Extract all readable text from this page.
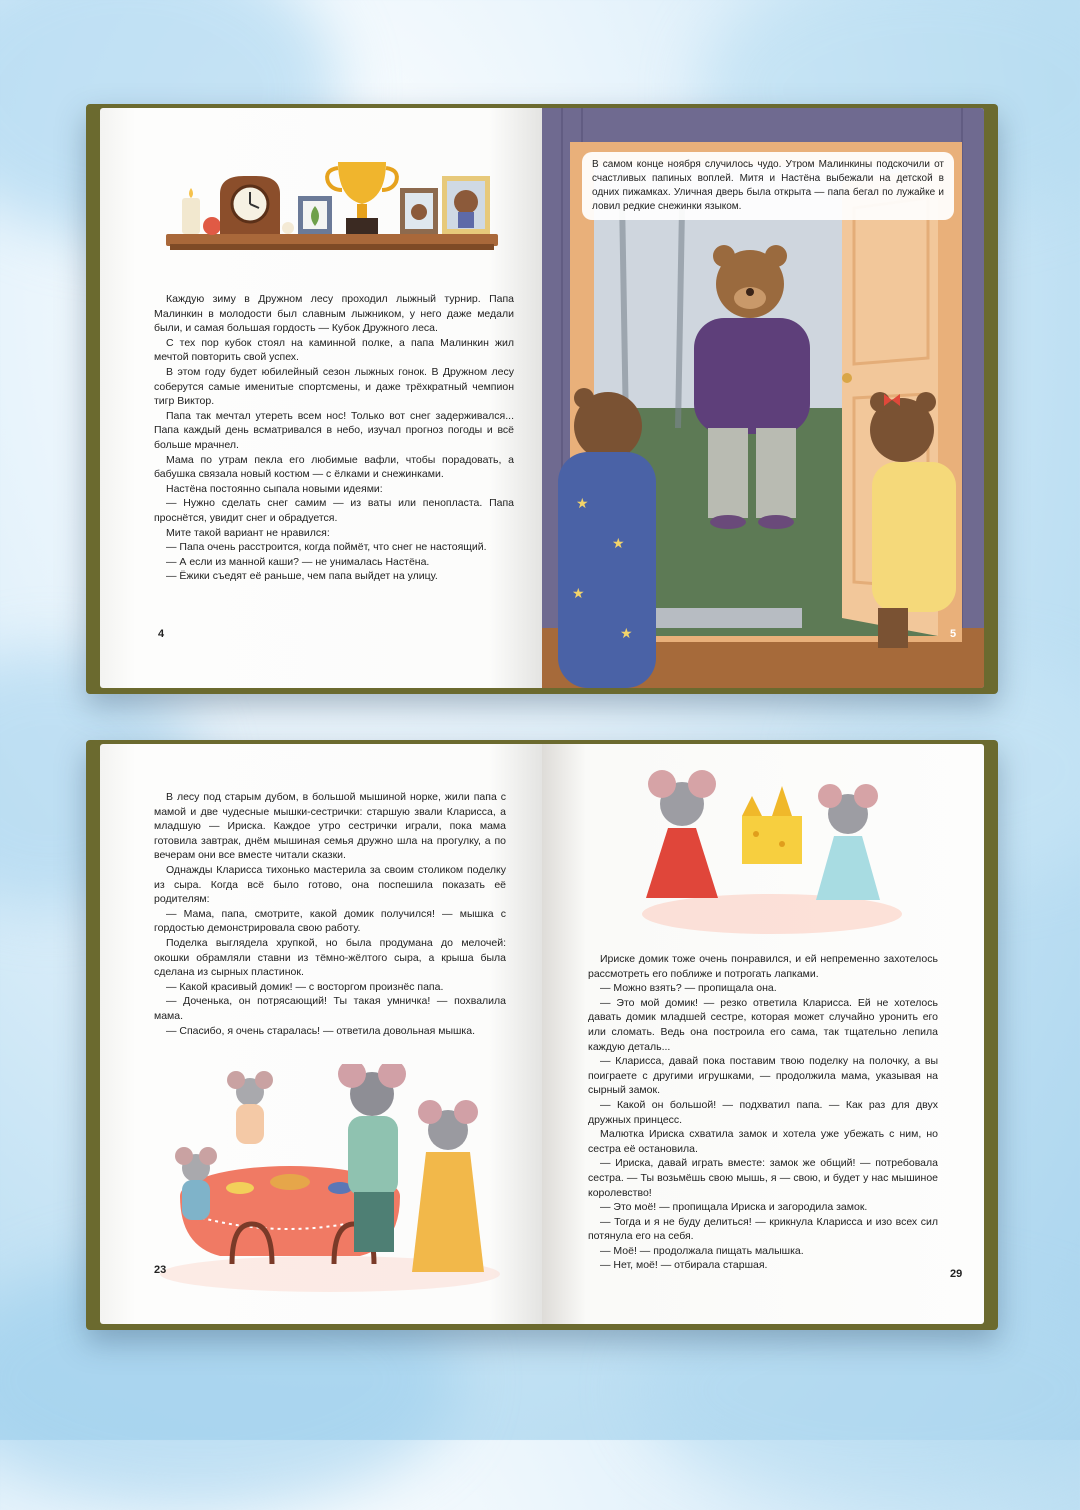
Каждую зиму в Дружном лесу проходил лыжный турнир. Папа Малинкин в молодости был славным лыжником, у него даже медали были, и самая большая гордость — Кубок Дружного леса.

С тех пор кубок стоял на каминной полке, а папа Малинкин жил мечтой повторить свой успех.

В этом году будет юбилейный сезон лыжных гонок. В Дружном лесу соберутся самые именитые спортсмены, и даже трёхкратный чемпион тигр Виктор.

Папа так мечтал утереть всем нос! Только вот снег задерживался... Папа каждый день всматривался в небо, изучал прогноз погоды и всё больше мрачнел.

Мама по утрам пекла его любимые вафли, чтобы порадовать, а бабушка связала новый костюм — с ёлками и снежинками.

Настёна постоянно сыпала новыми идеями:

— Нужно сделать снег самим — из ваты или пенопласта. Папа проснётся, увидит снег и обрадуется.

Мите такой вариант не нравился:

— Папа очень расстроится, когда поймёт, что снег не настоящий.

— А если из манной каши? — не унималась Настёна.

— Ёжики съедят её раньше, чем папа выйдет на улицу.

4
★
★
★
★
В самом конце ноября случилось чудо. Утром Малинкины подскочили от счастливых папиных воплей. Митя и Настёна выбежали на детской в одних пижамках. Уличная дверь была открыта — папа бегал по лужайке и ловил редкие снежинки языком.
5

В лесу под старым дубом, в большой мышиной норке, жили папа с мамой и две чудесные мышки-сестрички: старшую звали Кларисса, а младшую — Ириска. Каждое утро сестрички играли, пока мама готовила завтрак, днём мышиная семья дружно шла на прогулку, а по вечерам они все вместе читали сказки.

Однажды Кларисса тихонько мастерила за своим столиком поделку из сыра. Когда всё было готово, она поспешила показать её родителям:

— Мама, папа, смотрите, какой домик получился! — мышка с гордостью демонстрировала свою работу.

Поделка выглядела хрупкой, но была продумана до мелочей: окошки обрамляли ставни из тёмно-жёлтого сыра, а крыша была сделана из сырных пластинок.

— Какой красивый домик! — с восторгом произнёс папа.

— Доченька, он потрясающий! Ты такая умничка! — похвалила мама.

— Спасибо, я очень старалась! — ответила довольная мышка.

23

Ириске домик тоже очень понравился, и ей непременно захотелось рассмотреть его поближе и потрогать лапками.

— Можно взять? — пропищала она.

— Это мой домик! — резко ответила Кларисса. Ей не хотелось давать домик младшей сестре, которая может случайно уронить его или сломать. Ведь она построила его сама, так тщательно лепила каждую деталь...

— Кларисса, давай пока поставим твою поделку на полочку, а вы поиграете с другими игрушками, — продолжила мама, указывая на сырный замок.

— Какой он большой! — подхватил папа. — Как раз для двух дружных принцесс.

Малютка Ириска схватила замок и хотела уже убежать с ним, но сестра её остановила.

— Ириска, давай играть вместе: замок же общий! — потребовала сестра. — Ты возьмёшь свою мышь, я — свою, и будет у нас мышиное королевство!

— Это моё! — пропищала Ириска и загородила замок.

— Тогда и я не буду делиться! — крикнула Кларисса и изо всех сил потянула его на себя.

— Моё! — продолжала пищать малышка.

— Нет, моё! — отбирала старшая.

29
